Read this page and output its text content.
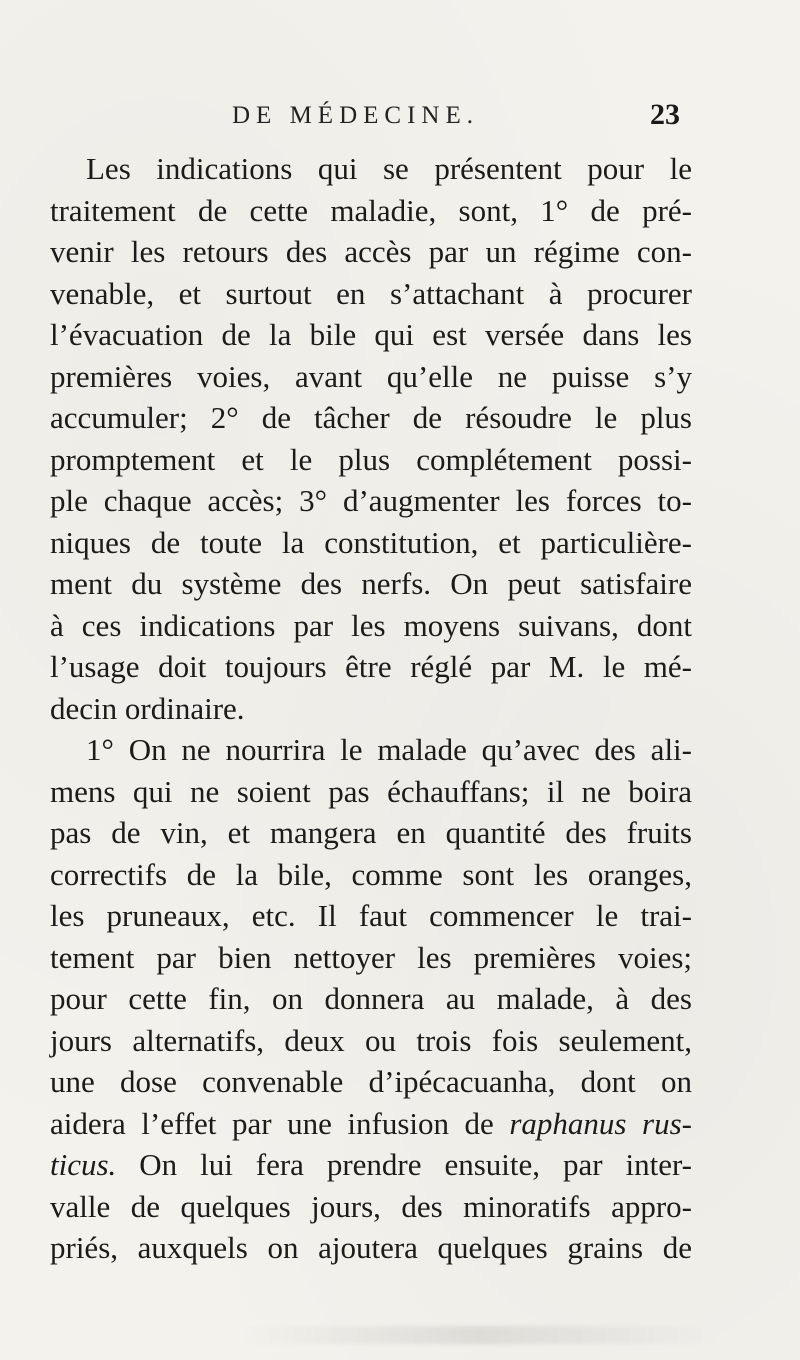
DE MÉDECINE.	23
Les indications qui se présentent pour le
traitement de cette maladie, sont, 1° de pré-
venir les retours des accès par un régime con-
venable, et surtout en s’attachant à procurer
l’évacuation de la bile qui est versée dans les
premières voies, avant qu’elle ne puisse s’y
accumuler; 2° de tâcher de résoudre le plus
promptement et le plus complétement possi-
ple chaque accès; 3° d’augmenter les forces to-
niques de toute la constitution, et particulière-
ment du système des nerfs. On peut satisfaire
à ces indications par les moyens suivans, dont
l’usage doit toujours être réglé par M. le mé-
decin ordinaire.
1° On ne nourrira le malade qu’avec des ali-
mens qui ne soient pas échauffans; il ne boira
pas de vin, et mangera en quantité des fruits
correctifs de la bile, comme sont les oranges,
les pruneaux, etc. Il faut commencer le trai-
tement par bien nettoyer les premières voies;
pour cette fin, on donnera au malade, à des
jours alternatifs, deux ou trois fois seulement,
une dose convenable d’ipécacuanha, dont on
aidera l’effet par une infusion de raphanus rus-
ticus. On lui fera prendre ensuite, par inter-
valle de quelques jours, des minoratifs appro-
priés, auxquels on ajoutera quelques grains de
